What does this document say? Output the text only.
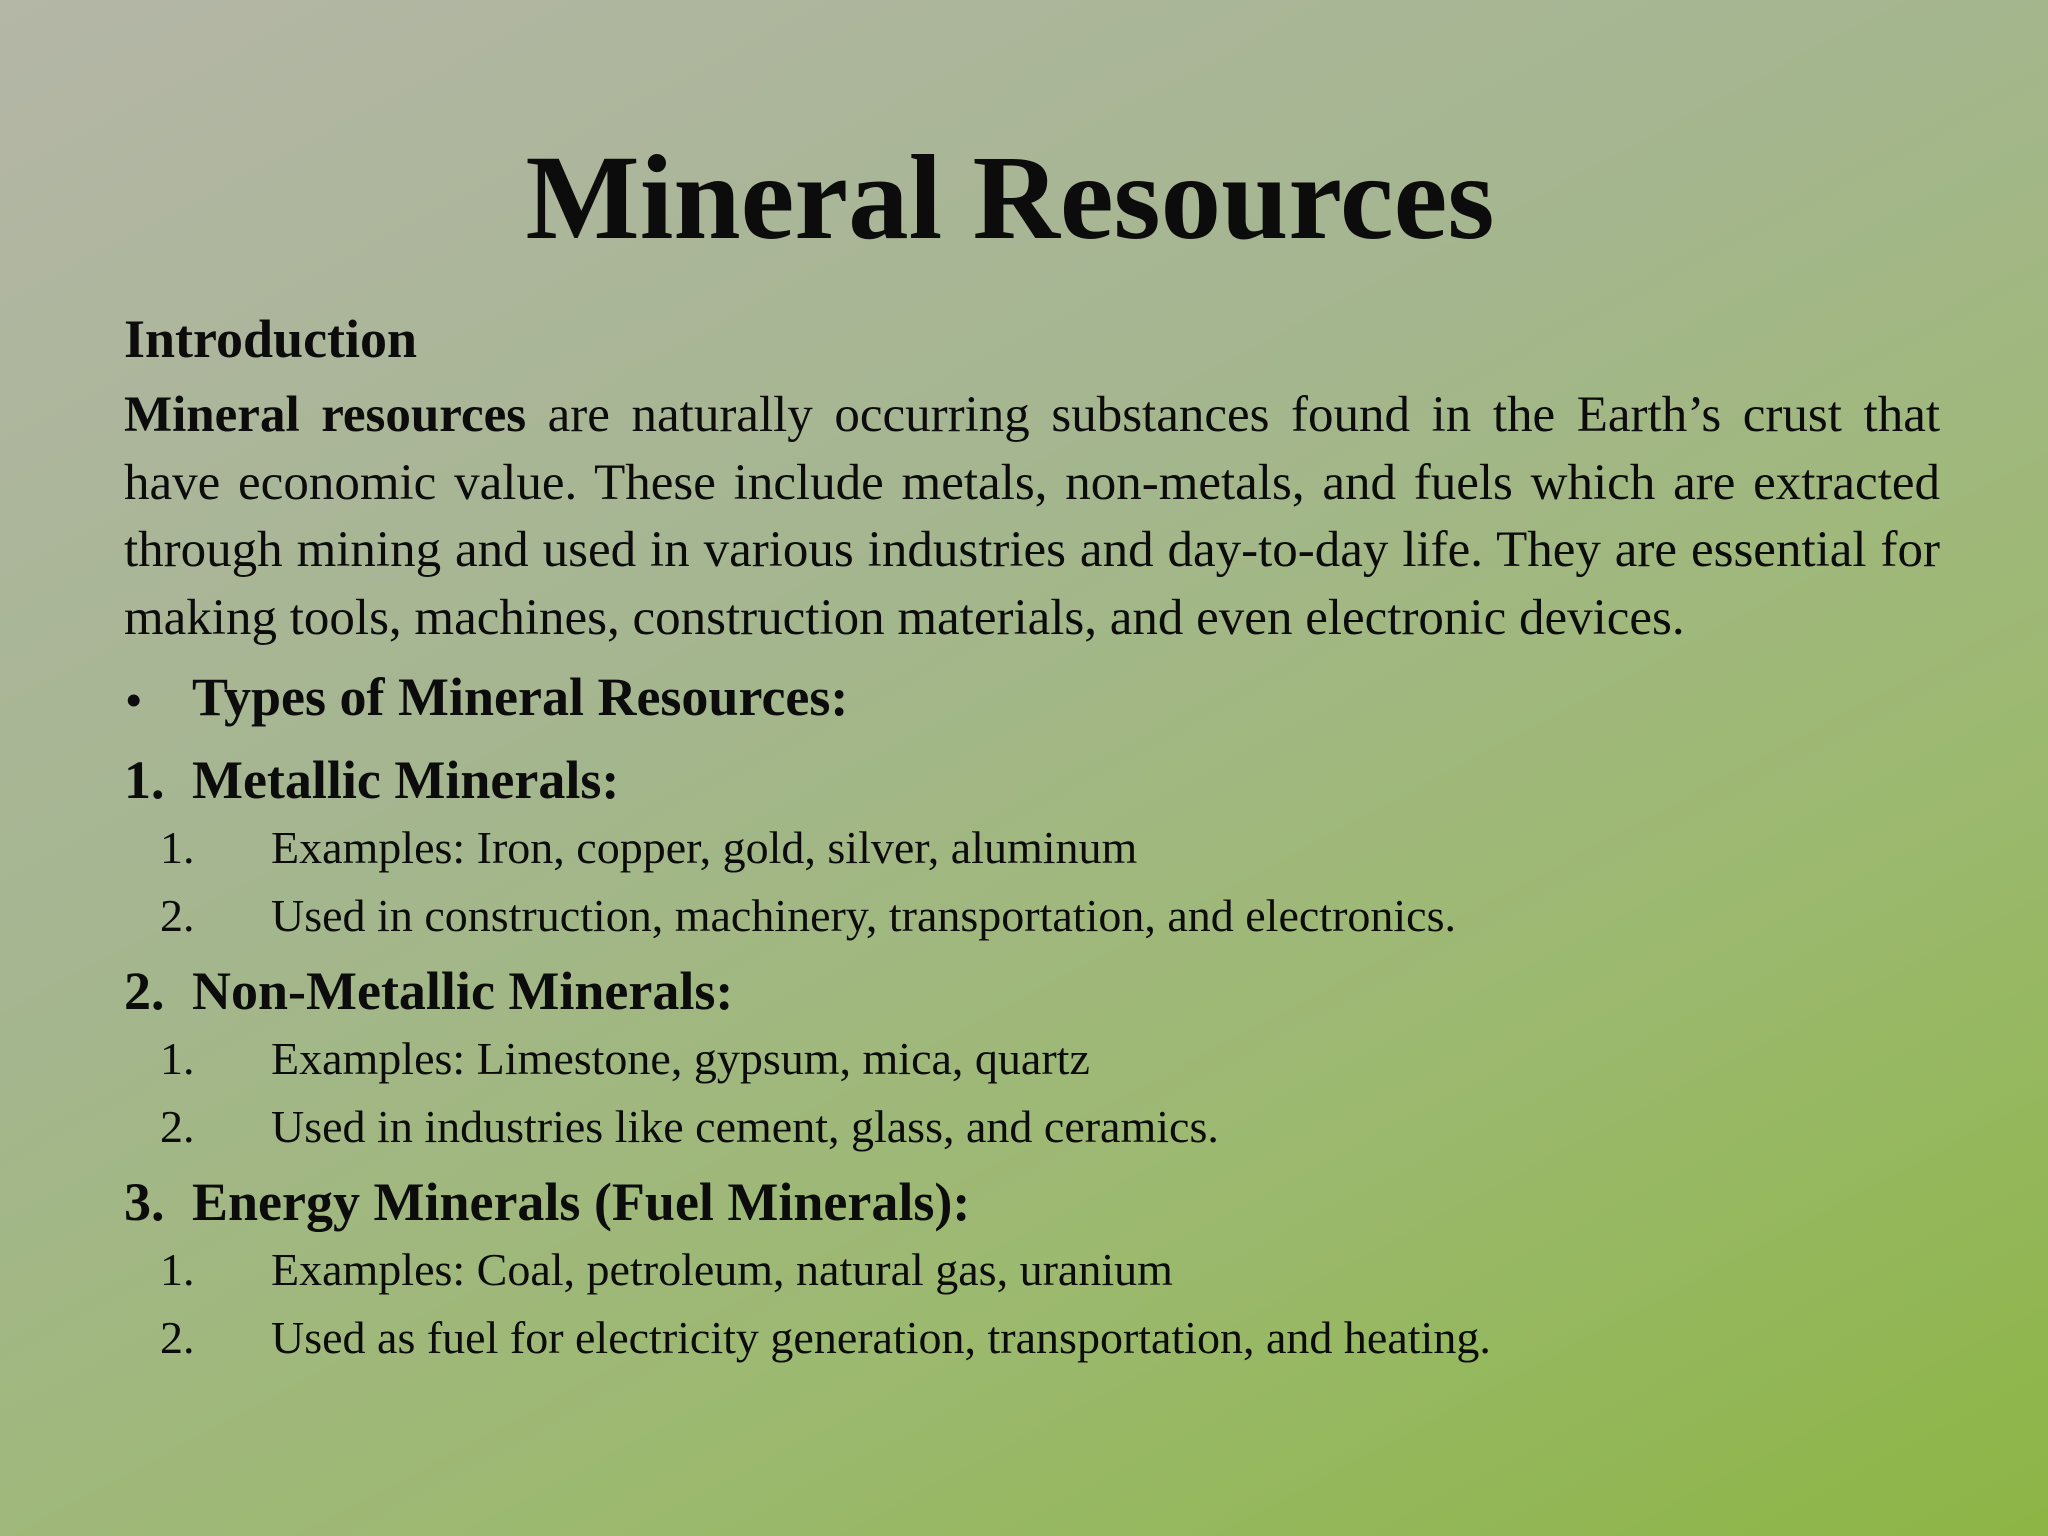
Mineral Resources

Introduction

Mineral resources are naturally occurring substances found in the Earth’s crust that have economic value. These include metals, non-metals, and fuels which are extracted through mining and used in various industries and day-to-day life. They are essential for making tools, machines, construction materials, and even electronic devices.

• Types of Mineral Resources:
1. Metallic Minerals:
1.	Examples: Iron, copper, gold, silver, aluminum
2.	Used in construction, machinery, transportation, and electronics.
2. Non-Metallic Minerals:
1.	Examples: Limestone, gypsum, mica, quartz
2.	Used in industries like cement, glass, and ceramics.
3. Energy Minerals (Fuel Minerals):
1.	Examples: Coal, petroleum, natural gas, uranium
2.	Used as fuel for electricity generation, transportation, and heating.
